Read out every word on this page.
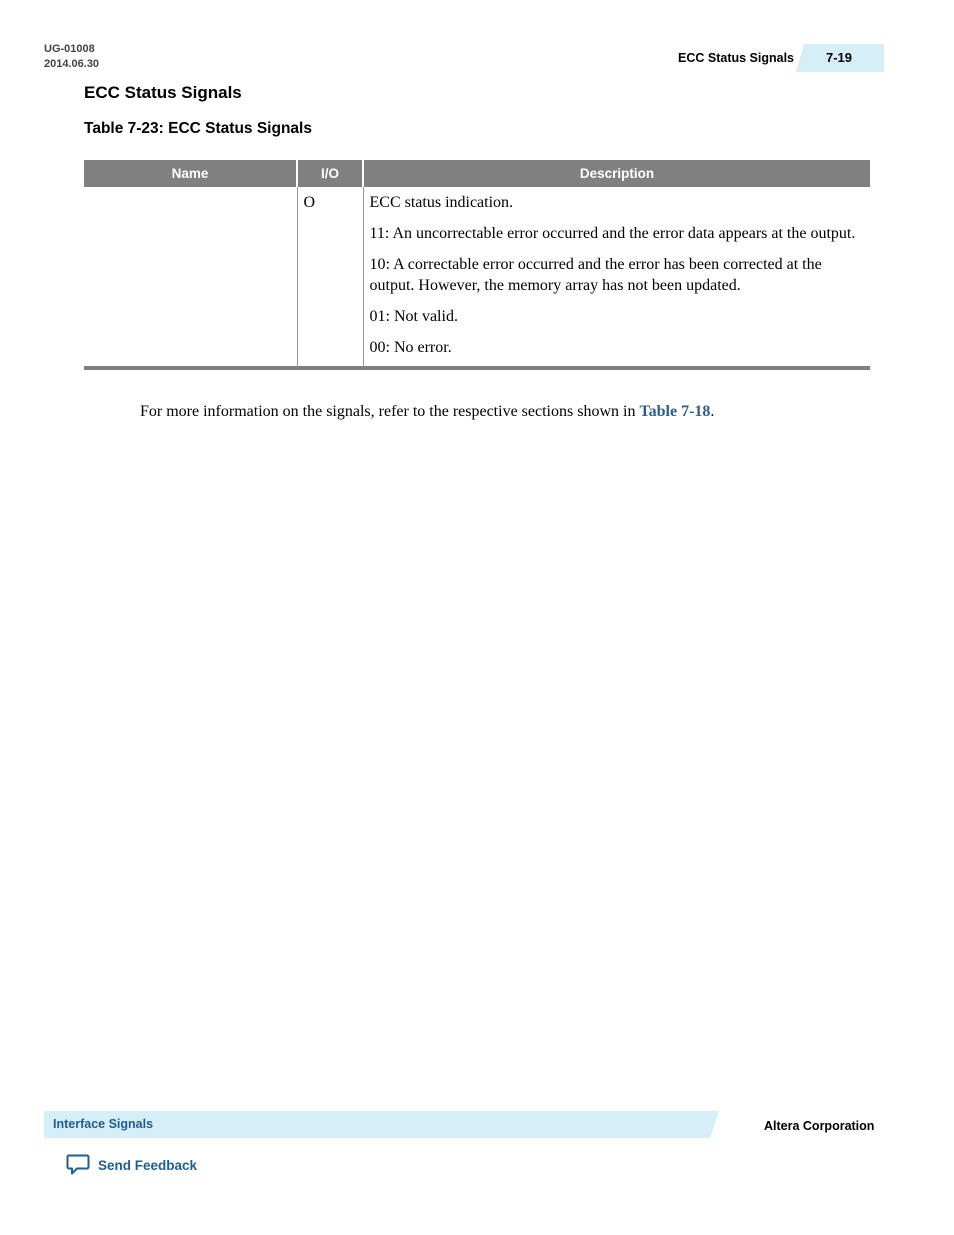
UG-01008
2014.06.30	ECC Status Signals 7-19
ECC Status Signals
Table 7-23: ECC Status Signals
Name	I/O	Description
	O	ECC status indication.

11: An uncorrectable error occurred and the error data appears at the output.

10: A correctable error occurred and the error has been corrected at the output. However, the memory array has not been updated.

01: Not valid.

00: No error.

For more information on the signals, refer to the respective sections shown in Table 7-18.
Interface Signals	Altera Corporation
Send Feedback
